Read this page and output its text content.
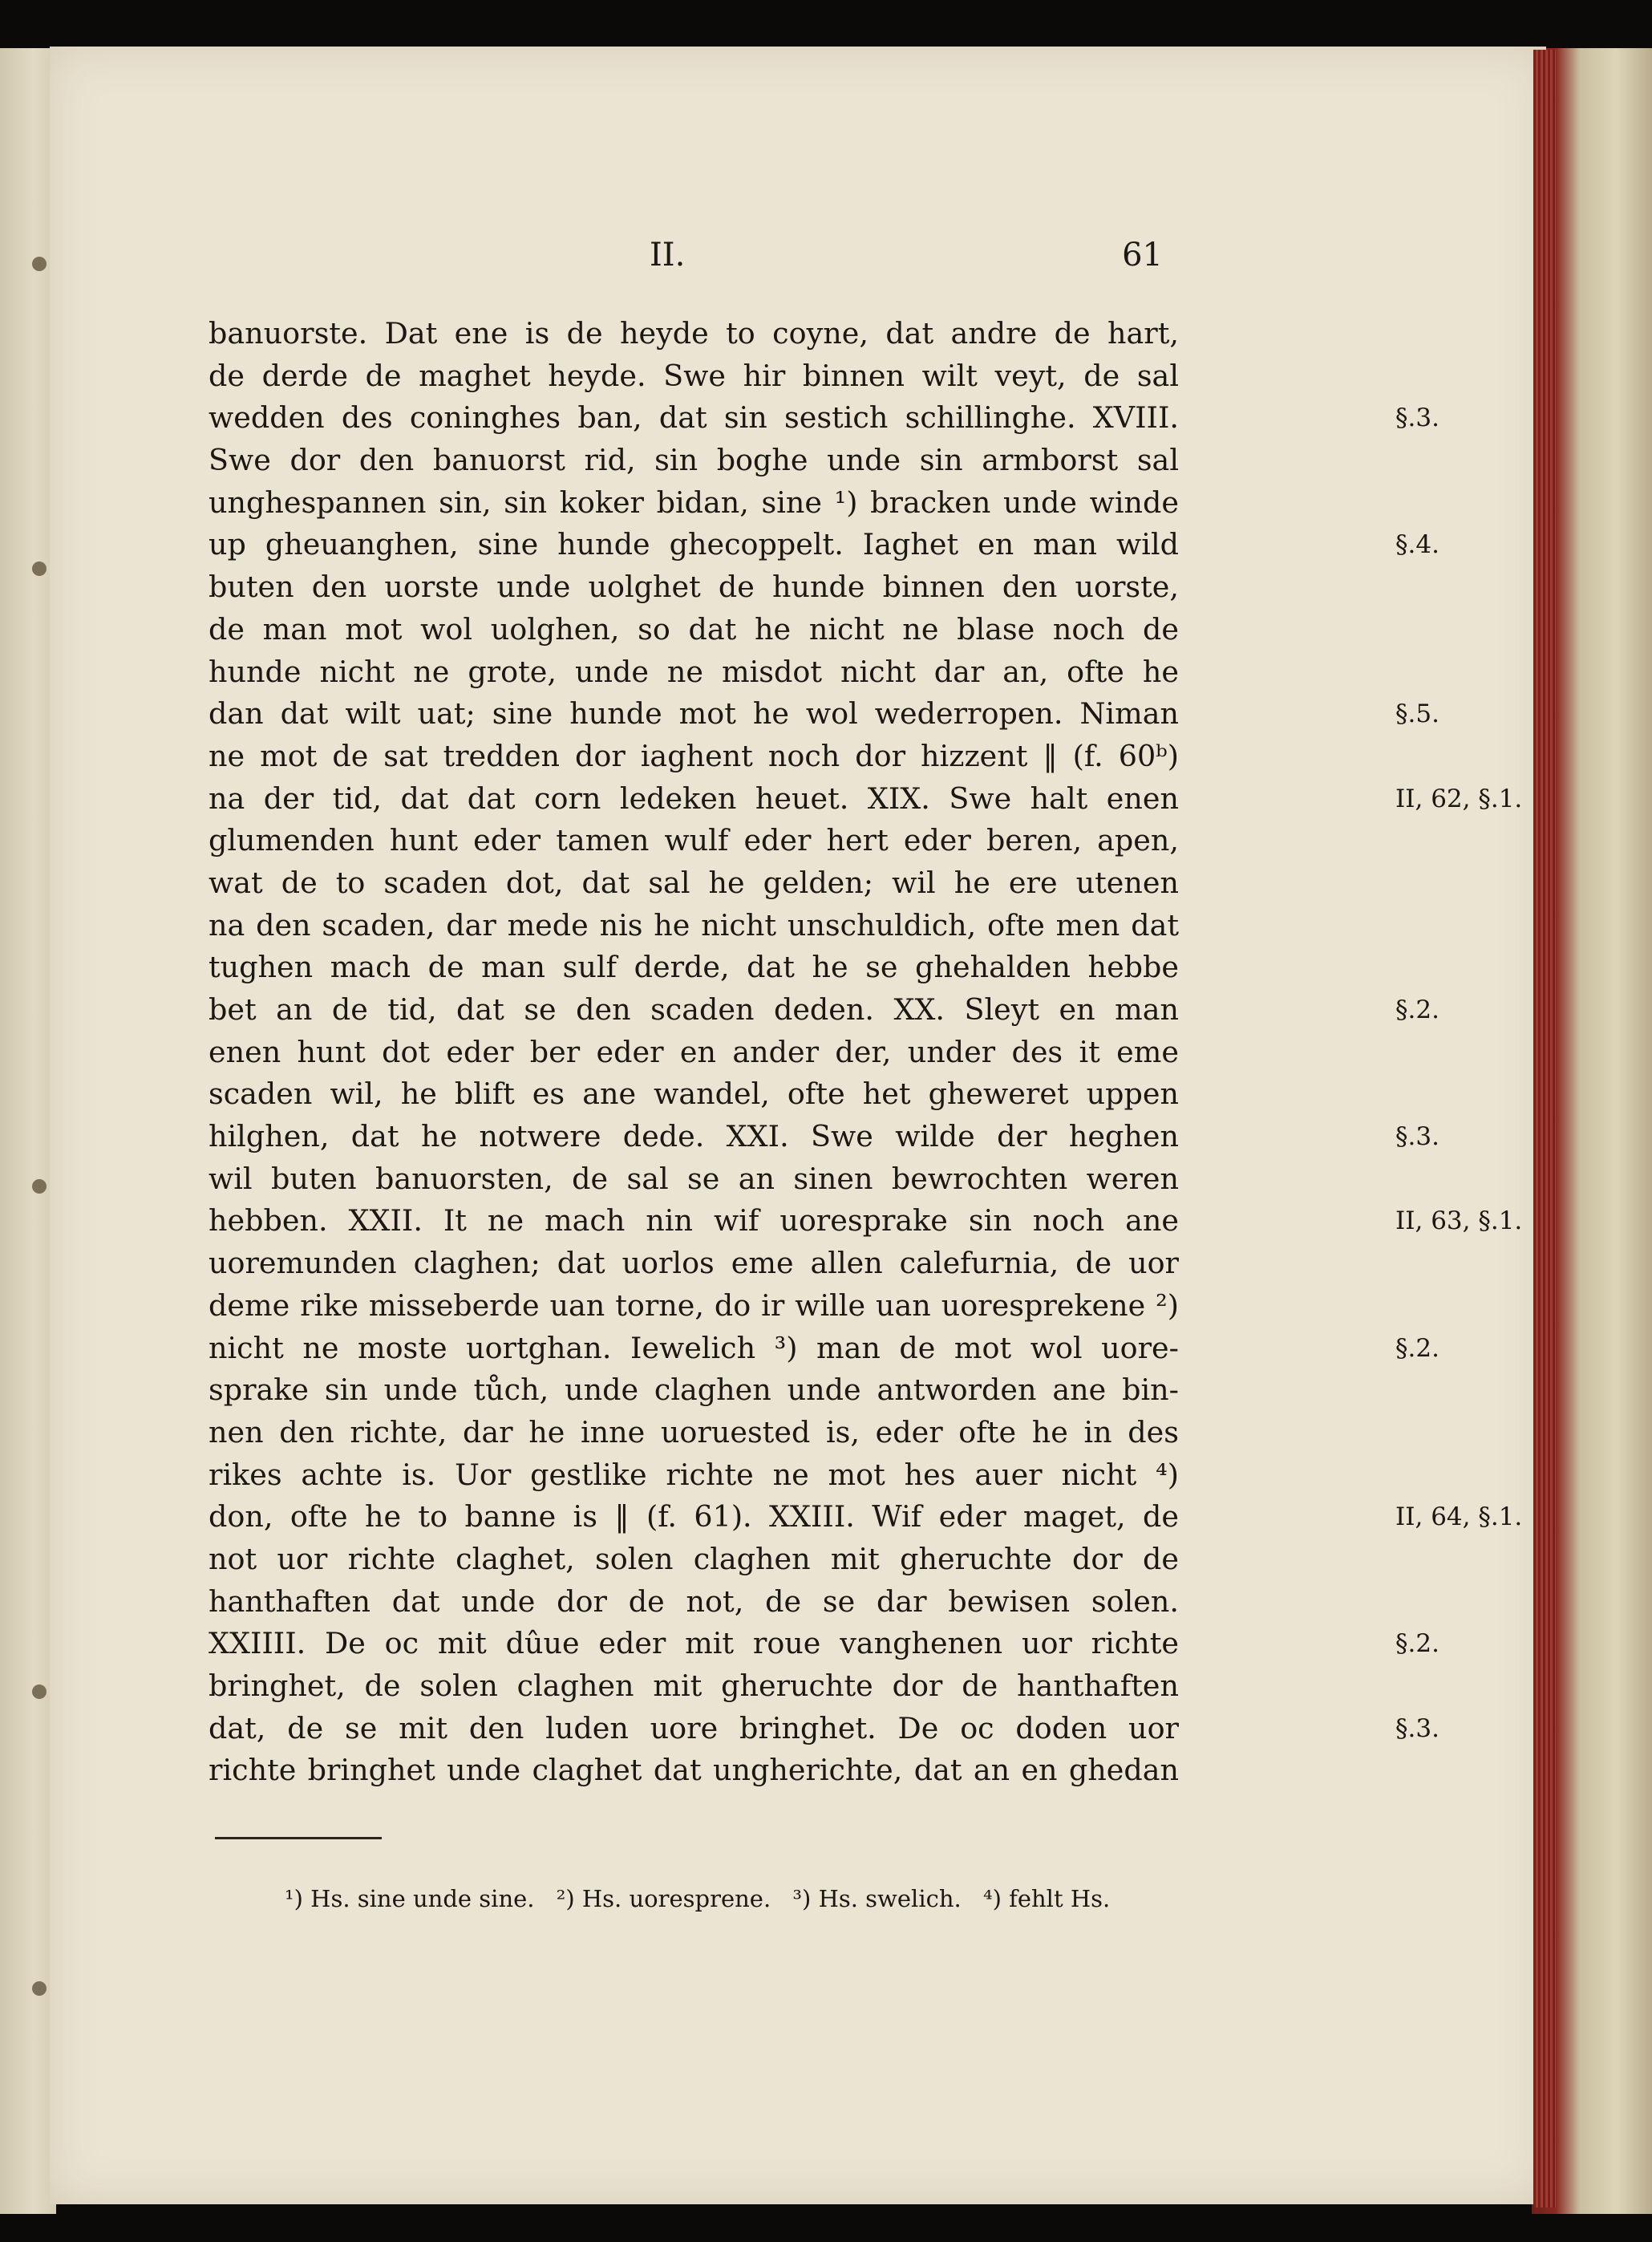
II.	61
banuorste. Dat ene is de heyde to coyne, dat andre de hart,
de derde de maghet heyde. Swe hir binnen wilt veyt, de sal
wedden des coninghes ban, dat sin sestich schillinghe. XVIII.	§.3.
Swe dor den banuorst rid, sin boghe unde sin armborst sal
unghespannen sin, sin koker bidan, sine ¹) bracken unde winde
up gheuanghen, sine hunde ghecoppelt. Iaghet en man wild	§.4.
buten den uorste unde uolghet de hunde binnen den uorste,
de man mot wol uolghen, so dat he nicht ne blase noch de
hunde nicht ne grote, unde ne misdot nicht dar an, ofte he
dan dat wilt uat; sine hunde mot he wol wederropen. Niman	§.5.
ne mot de sat tredden dor iaghent noch dor hizzent ‖ (f. 60ᵇ)
na der tid, dat dat corn ledeken heuet. XIX. Swe halt enen	II, 62, §.1.
glumenden hunt eder tamen wulf eder hert eder beren, apen,
wat de to scaden dot, dat sal he gelden; wil he ere utenen
na den scaden, dar mede nis he nicht unschuldich, ofte men dat
tughen mach de man sulf derde, dat he se ghehalden hebbe
bet an de tid, dat se den scaden deden. XX. Sleyt en man	§.2.
enen hunt dot eder ber eder en ander der, under des it eme
scaden wil, he blift es ane wandel, ofte het gheweret uppen
hilghen, dat he notwere dede. XXI. Swe wilde der heghen	§.3.
wil buten banuorsten, de sal se an sinen bewrochten weren
hebben. XXII. It ne mach nin wif uoresprake sin noch ane	II, 63, §.1.
uoremunden claghen; dat uorlos eme allen calefurnia, de uor
deme rike misseberde uan torne, do ir wille uan uoresprekene ²)
nicht ne moste uortghan. Iewelich ³) man de mot wol uore-	§.2.
sprake sin unde tůch, unde claghen unde antworden ane bin-
nen den richte, dar he inne uoruested is, eder ofte he in des
rikes achte is. Uor gestlike richte ne mot hes auer nicht ⁴)
don, ofte he to banne is ‖ (f. 61). XXIII. Wif eder maget, de	II, 64, §.1.
not uor richte claghet, solen claghen mit gheruchte dor de
hanthaften dat unde dor de not, de se dar bewisen solen.
XXIIII. De oc mit dûue eder mit roue vanghenen uor richte	§.2.
bringhet, de solen claghen mit gheruchte dor de hanthaften
dat, de se mit den luden uore bringhet. De oc doden uor	§.3.
richte bringhet unde claghet dat ungherichte, dat an en ghedan
¹) Hs. sine unde sine. ²) Hs. uoresprene. ³) Hs. swelich. ⁴) fehlt Hs.
